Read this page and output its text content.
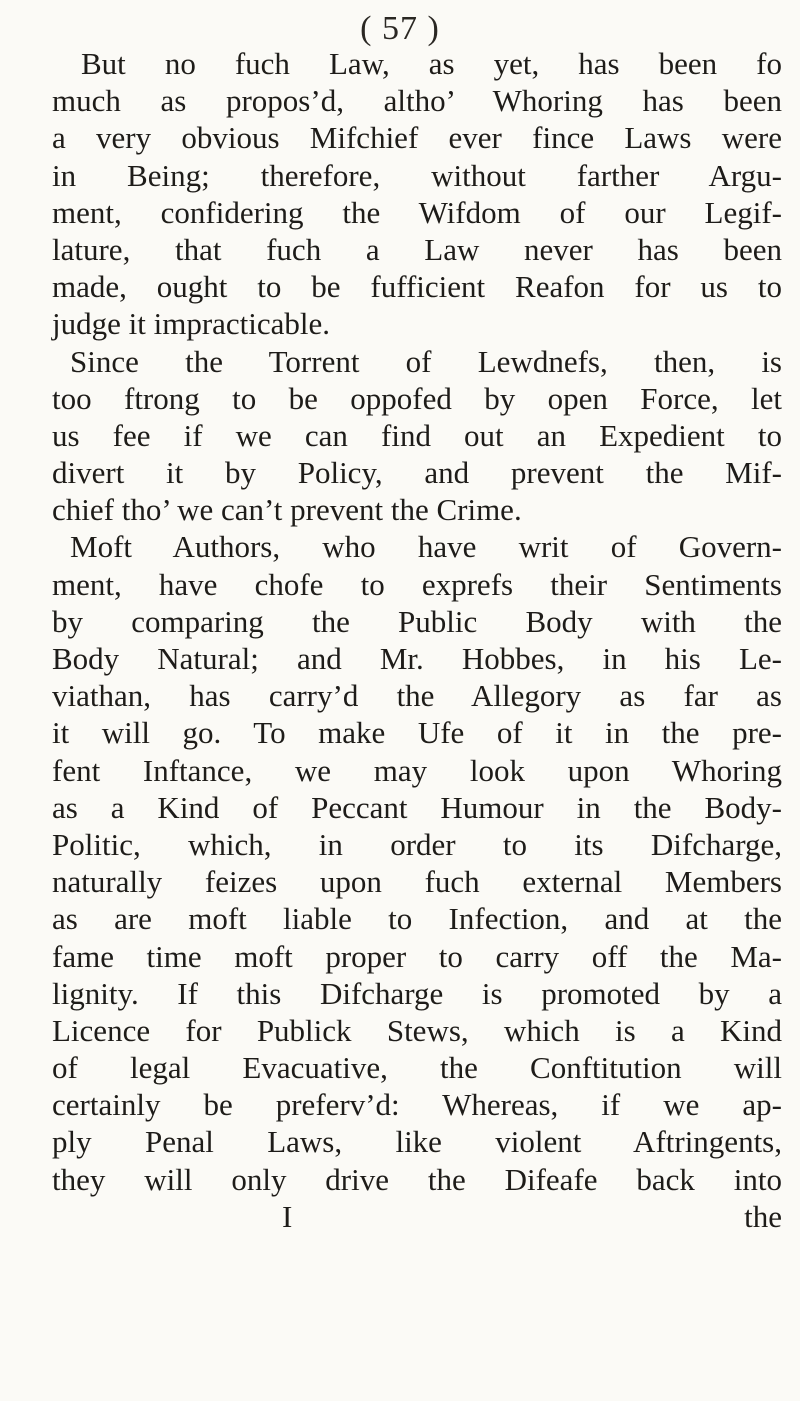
( 57 )
But no fuch Law, as yet, has been fo
much as propos’d, altho’ Whoring has been
a very obvious Mifchief ever fince Laws were
in Being; therefore, without farther Argu-
ment, confidering the Wifdom of our Legif-
lature, that fuch a Law never has been
made, ought to be fufficient Reafon for us to
judge it impracticable.
Since the Torrent of Lewdnefs, then, is
too ftrong to be oppofed by open Force, let
us fee if we can find out an Expedient to
divert it by Policy, and prevent the Mif-
chief tho’ we can’t prevent the Crime.
Moft Authors, who have writ of Govern-
ment, have chofe to exprefs their Sentiments
by comparing the Public Body with the
Body Natural; and Mr. Hobbes, in his Le-
viathan, has carry’d the Allegory as far as
it will go. To make Ufe of it in the pre-
fent Inftance, we may look upon Whoring
as a Kind of Peccant Humour in the Body-
Politic, which, in order to its Difcharge,
naturally feizes upon fuch external Members
as are moft liable to Infection, and at the
fame time moft proper to carry off the Ma-
lignity. If this Difcharge is promoted by a
Licence for Publick Stews, which is a Kind
of legal Evacuative, the Conftitution will
certainly be preferv’d: Whereas, if we ap-
ply Penal Laws, like violent Aftringents,
they will only drive the Difeafe back into
I	the
